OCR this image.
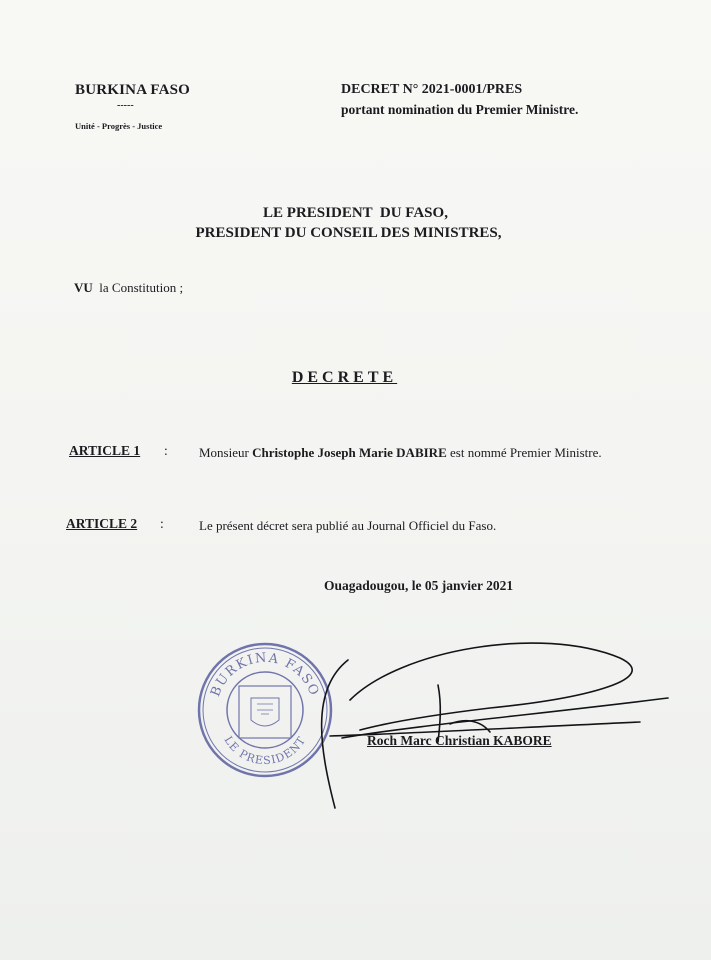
BURKINA FASO
-----
Unité - Progrès - Justice
DECRET N° 2021-0001/PRES
portant nomination du Premier Ministre.
LE PRESIDENT  DU FASO,
PRESIDENT DU CONSEIL DES MINISTRES,
VU la Constitution ;
DECRETE
ARTICLE 1 : Monsieur Christophe Joseph Marie DABIRE est nommé Premier Ministre.
ARTICLE 2 :	Le présent décret sera publié au Journal Officiel du Faso.
Ouagadougou, le 05 janvier 2021
BURKINA FASO
LE PRESIDENT	Roch Marc Christian KABORE
